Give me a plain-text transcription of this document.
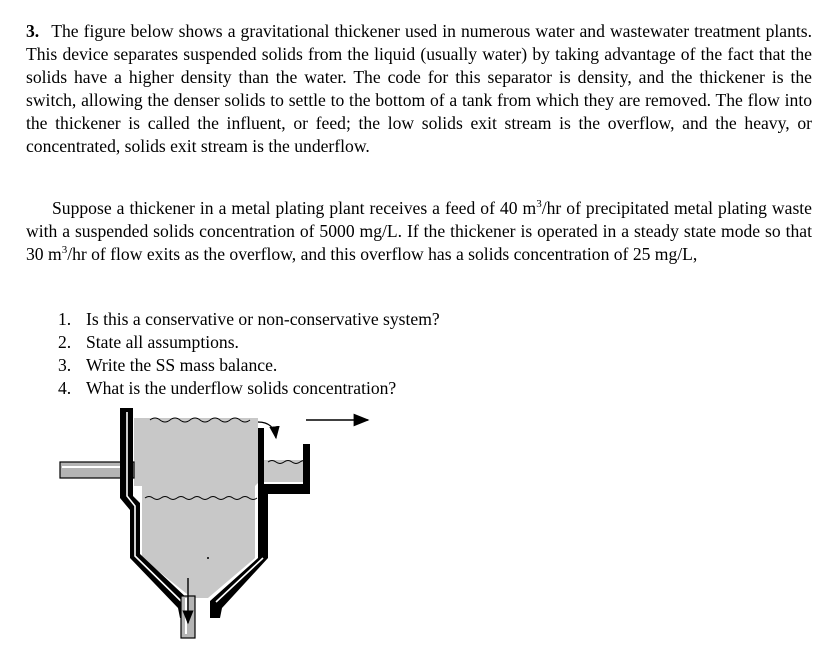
3. The figure below shows a gravitational thickener used in numerous water and wastewater treatment plants. This device separates suspended solids from the liquid (usually water) by taking advantage of the fact that the solids have a higher density than the water. The code for this separator is density, and the thickener is the switch, allowing the denser solids to settle to the bottom of a tank from which they are removed. The flow into the thickener is called the influent, or feed; the low solids exit stream is the overflow, and the heavy, or concentrated, solids exit stream is the underflow.

Suppose a thickener in a metal plating plant receives a feed of 40 $m^3/hr$ of precipitated metal plating waste with a suspended solids concentration of 5000 mg/L. If the thickener is operated in a steady state mode so that 30 $m^3/hr$ of flow exits as the overflow, and this overflow has a solids concentration of 25 mg/L,

1. Is this a conservative or non-conservative system?
2. State all assumptions.
3. Write the SS mass balance.
4. What is the underflow solids concentration?
